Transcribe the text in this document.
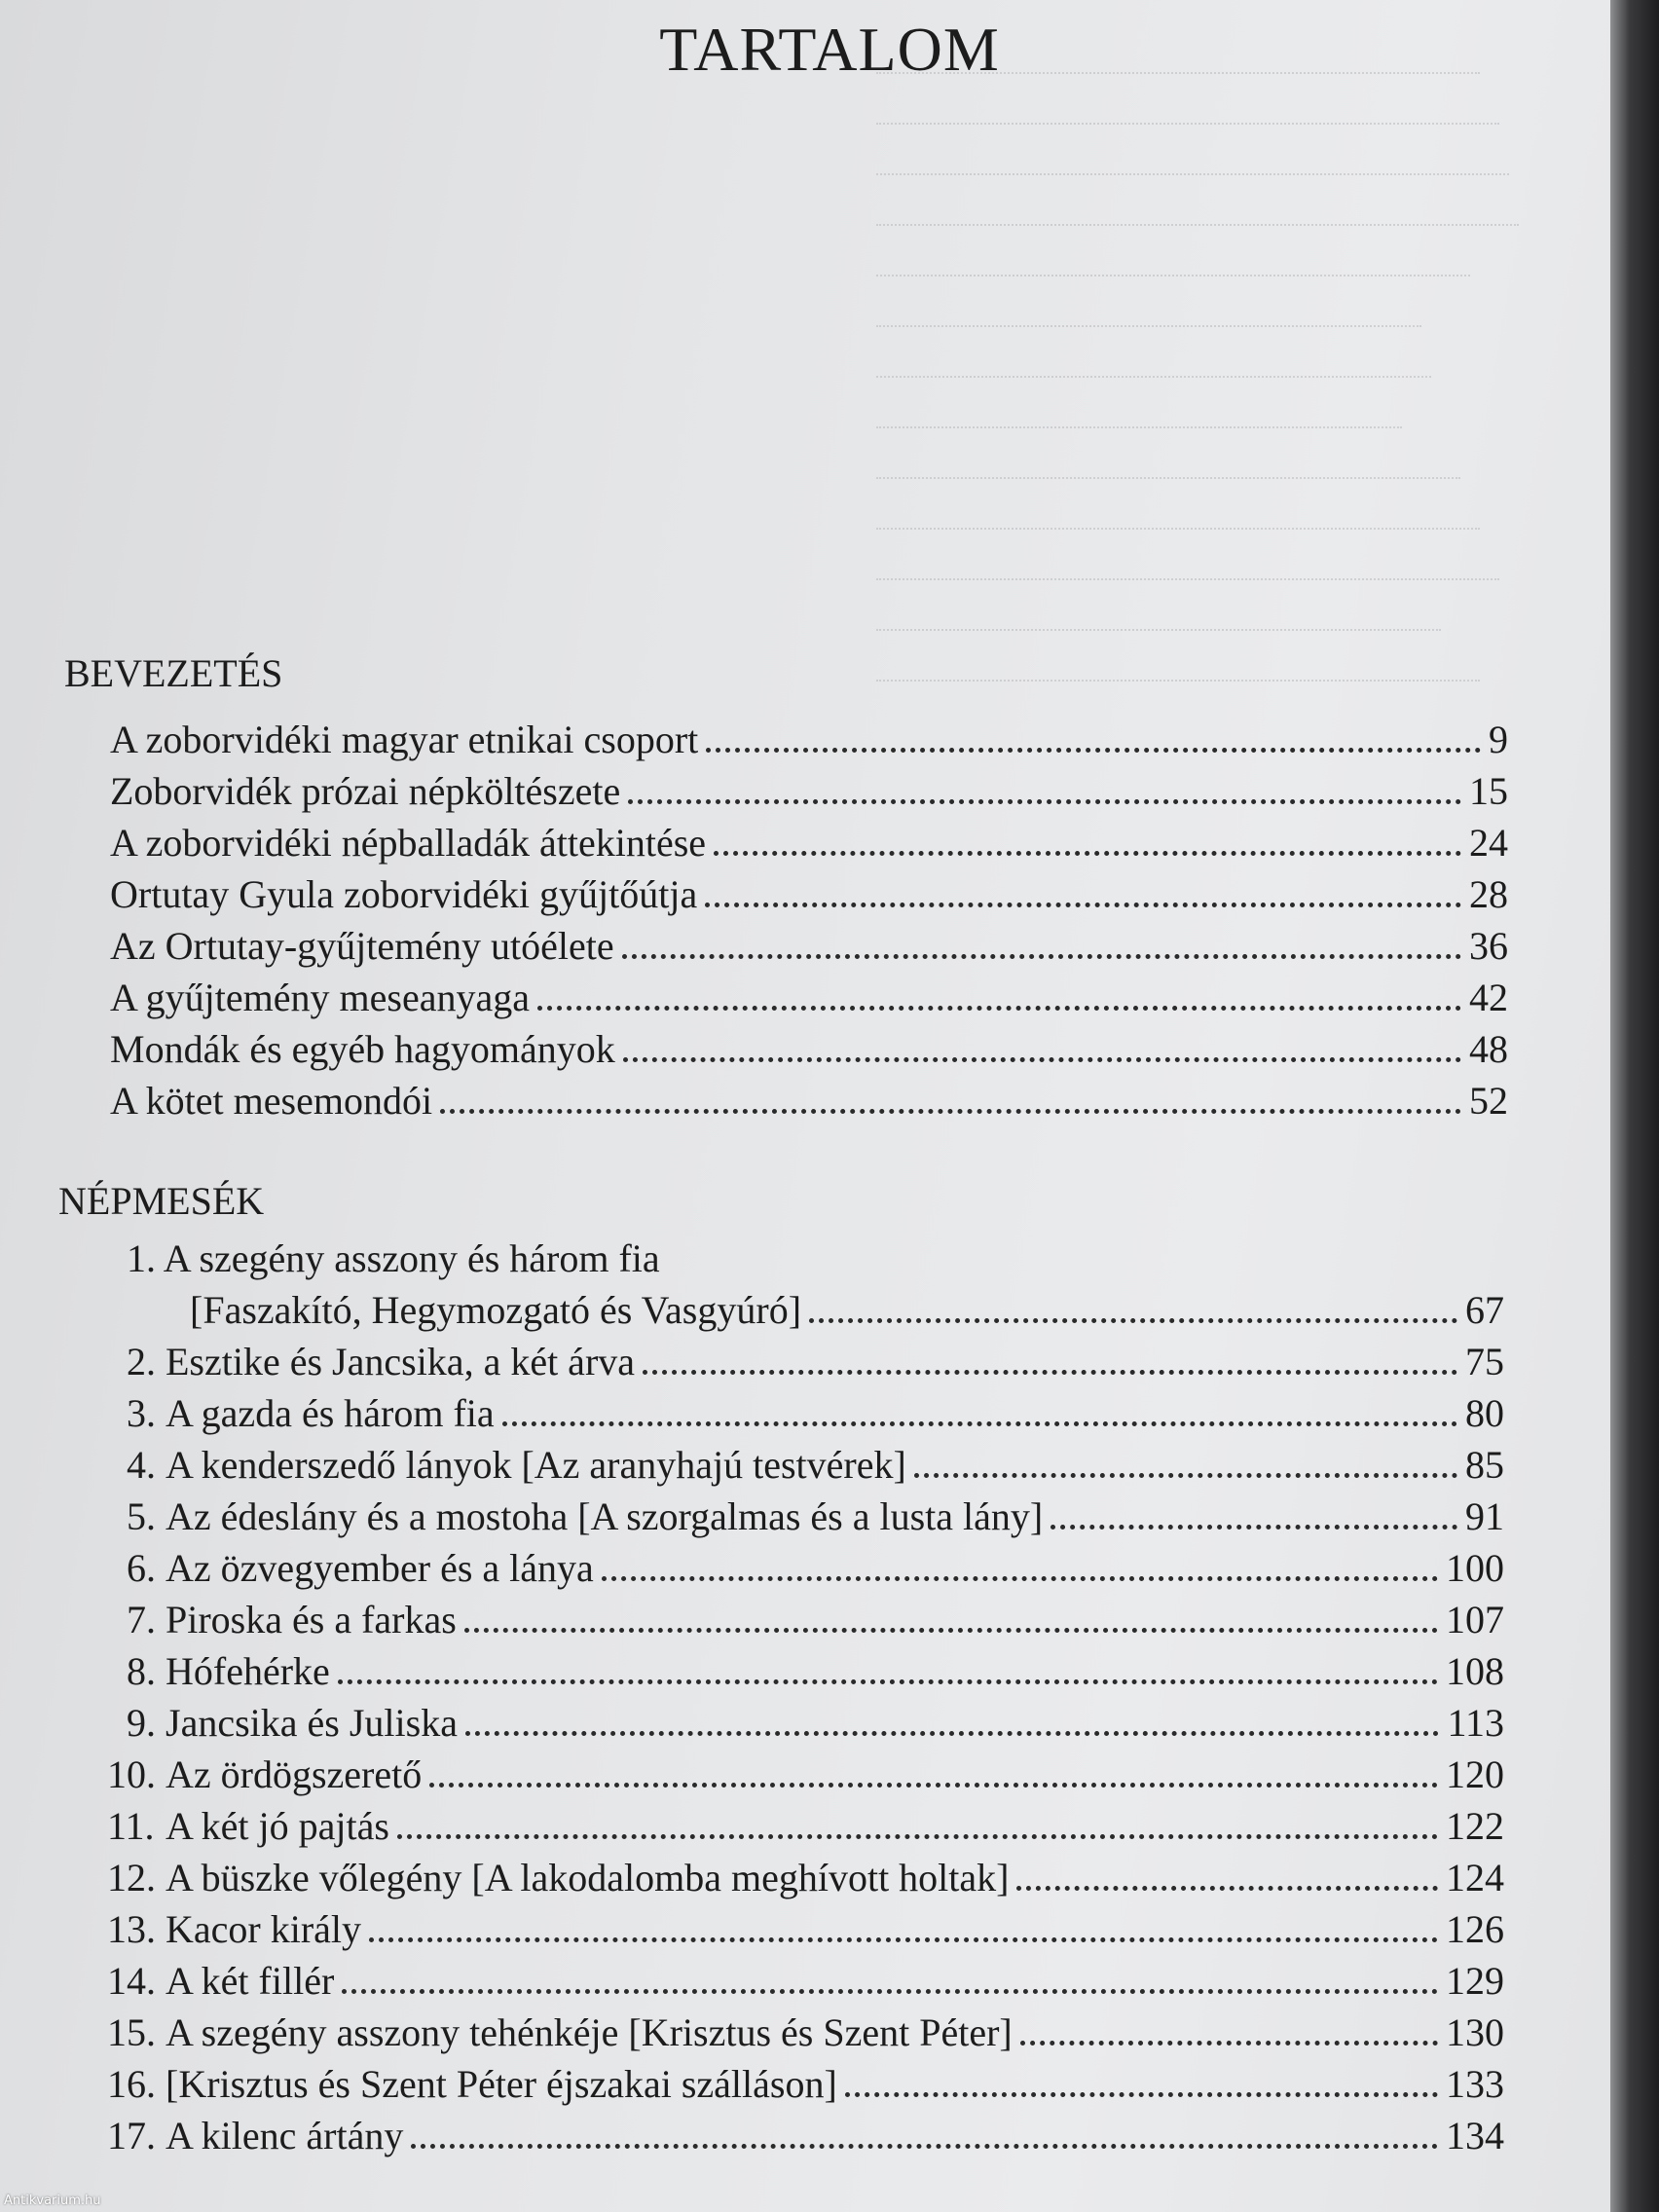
TARTALOM
BEVEZETÉS
A zoborvidéki magyar etnikai csoport	9
Zoborvidék prózai népköltészete	15
A zoborvidéki népballadák áttekintése	24
Ortutay Gyula zoborvidéki gyűjtőútja	28
Az Ortutay-gyűjtemény utóélete	36
A gyűjtemény meseanyaga	42
Mondák és egyéb hagyományok	48
A kötet mesemondói	52
NÉPMESÉK
1. A szegény asszony és három fia
[Faszakító, Hegymozgató és Vasgyúró]	67
2. Esztike és Jancsika, a két árva	75
3. A gazda és három fia	80
4. A kenderszedő lányok [Az aranyhajú testvérek]	85
5. Az édeslány és a mostoha [A szorgalmas és a lusta lány]	91
6. Az özvegyember és a lánya	100
7. Piroska és a farkas	107
8. Hófehérke	108
9. Jancsika és Juliska	113
10. Az ördögszerető	120
11. A két jó pajtás	122
12. A büszke vőlegény [A lakodalomba meghívott holtak]	124
13. Kacor király	126
14. A két fillér	129
15. A szegény asszony tehénkéje [Krisztus és Szent Péter]	130
16. [Krisztus és Szent Péter éjszakai szálláson]	133
17. A kilenc ártány	134
Antikvarium.hu
